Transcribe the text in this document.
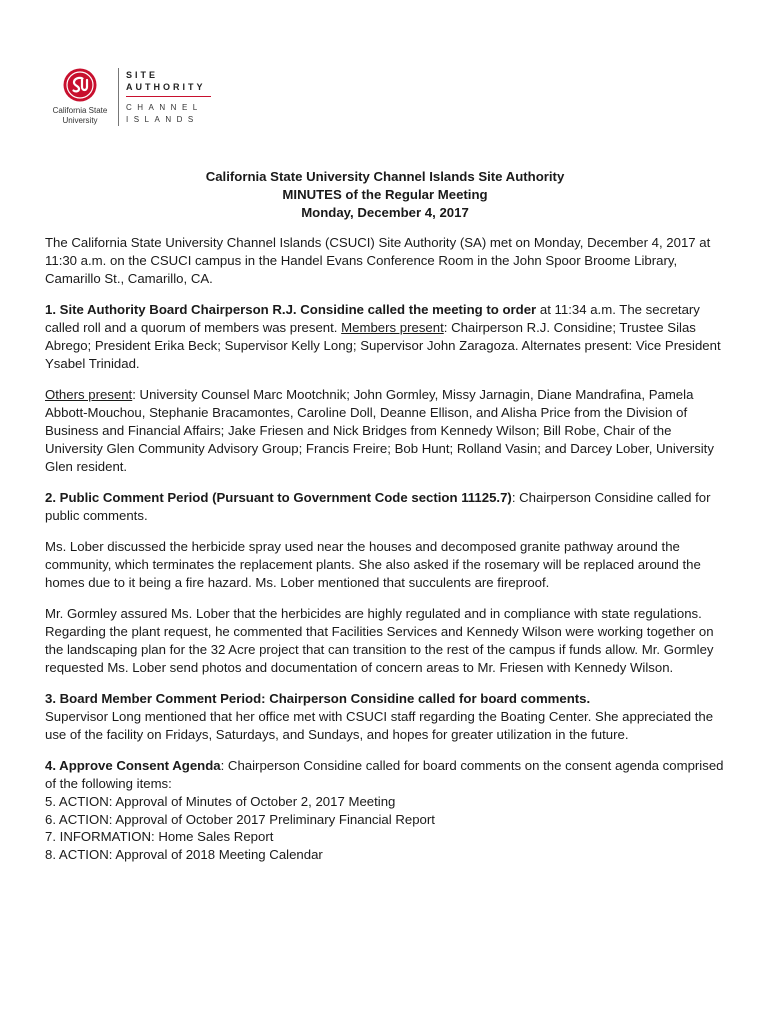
California State
University
SITE
AUTHORITY
CHANNEL
ISLANDS
California State University Channel Islands Site Authority
MINUTES of the Regular Meeting
Monday, December 4, 2017

The California State University Channel Islands (CSUCI) Site Authority (SA) met on Monday, December 4, 2017 at 11:30 a.m. on the CSUCI campus in the Handel Evans Conference Room in the John Spoor Broome Library, Camarillo St., Camarillo, CA.

1. Site Authority Board Chairperson R.J. Considine called the meeting to order at 11:34 a.m. The secretary called roll and a quorum of members was present. Members present: Chairperson R.J. Considine; Trustee Silas Abrego; President Erika Beck; Supervisor Kelly Long; Supervisor John Zaragoza. Alternates present: Vice President Ysabel Trinidad.

Others present: University Counsel Marc Mootchnik; John Gormley, Missy Jarnagin, Diane Mandrafina, Pamela Abbott-Mouchou, Stephanie Bracamontes, Caroline Doll, Deanne Ellison, and Alisha Price from the Division of Business and Financial Affairs; Jake Friesen and Nick Bridges from Kennedy Wilson; Bill Robe, Chair of the University Glen Community Advisory Group; Francis Freire; Bob Hunt; Rolland Vasin; and Darcey Lober, University Glen resident.

2. Public Comment Period (Pursuant to Government Code section 11125.7): Chairperson Considine called for public comments.

Ms. Lober discussed the herbicide spray used near the houses and decomposed granite pathway around the community, which terminates the replacement plants. She also asked if the rosemary will be replaced around the homes due to it being a fire hazard. Ms. Lober mentioned that succulents are fireproof.

Mr. Gormley assured Ms. Lober that the herbicides are highly regulated and in compliance with state regulations. Regarding the plant request, he commented that Facilities Services and Kennedy Wilson were working together on the landscaping plan for the 32 Acre project that can transition to the rest of the campus if funds allow. Mr. Gormley requested Ms. Lober send photos and documentation of concern areas to Mr. Friesen with Kennedy Wilson.

3. Board Member Comment Period: Chairperson Considine called for board comments.
Supervisor Long mentioned that her office met with CSUCI staff regarding the Boating Center. She appreciated the use of the facility on Fridays, Saturdays, and Sundays, and hopes for greater utilization in the future.

4. Approve Consent Agenda: Chairperson Considine called for board comments on the consent agenda comprised of the following items:
5. ACTION: Approval of Minutes of October 2, 2017 Meeting
6. ACTION: Approval of October 2017 Preliminary Financial Report
7. INFORMATION: Home Sales Report
8. ACTION: Approval of 2018 Meeting Calendar
